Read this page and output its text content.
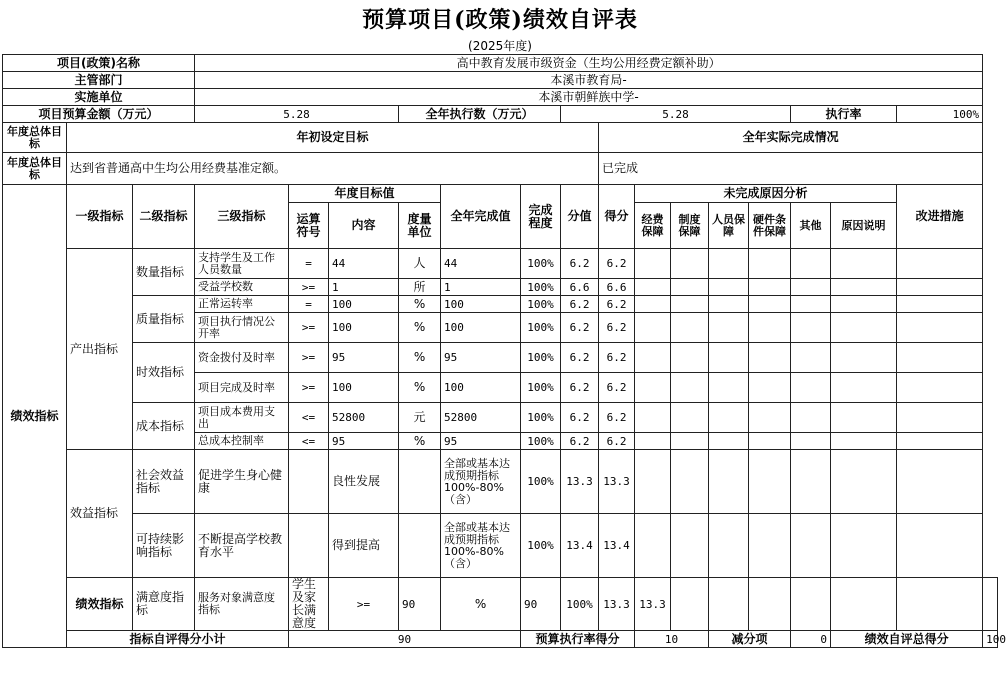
预算项目(政策)绩效自评表
(2025年度)
项目(政策)名称			高中教育发展市级资金（生均公用经费定额补助）															
主管部门			本溪市教育局-															
实施单位			本溪市朝鲜族中学-															
项目预算金额（万元）			5.28			全年执行数（万元）			5.28						执行率		100%	
年度总体目标	年初设定目标									全年实际完成情况								
年度总体目标	达到省普通高中生均公用经费基准定额。									已完成								
绩效指标	一级指标	二级指标	三级指标	年度目标值			全年完成值	完成程度	分值	得分	未完成原因分析						改进措施	
				运算符号	内容	度量单位					经费保障	制度保障	人员保障	硬件条件保障	其他	原因说明		
	产出指标	数量指标	支持学生及工作人员数量	=	44	人	44	100%	6.2	6.2								
			受益学校数	>=	1	所	1	100%	6.6	6.6								
		质量指标	正常运转率	=	100	%	100	100%	6.2	6.2								
			项目执行情况公开率	>=	100	%	100	100%	6.2	6.2								
		时效指标	资金拨付及时率	>=	95	%	95	100%	6.2	6.2								
			项目完成及时率	>=	100	%	100	100%	6.2	6.2								
		成本指标	项目成本费用支出	<=	52800	元	52800	100%	6.2	6.2								
			总成本控制率	<=	95	%	95	100%	6.2	6.2								
	效益指标	社会效益指标	促进学生身心健康		良性发展		全部或基本达成预期指标100%-80%（含）	100%	13.3	13.3								
		可持续影响指标	不断提高学校教育水平		得到提高		全部或基本达成预期指标100%-80%（含）	100%	13.4	13.4								
	绩效指标	满意度指标	服务对象满意度指标	学生及家长满意度	>=	90	%	90	100%	13.3	13.3							
	指标自评得分小计			90				预算执行率得分			10		减分项		0	绩效自评总得分		100
